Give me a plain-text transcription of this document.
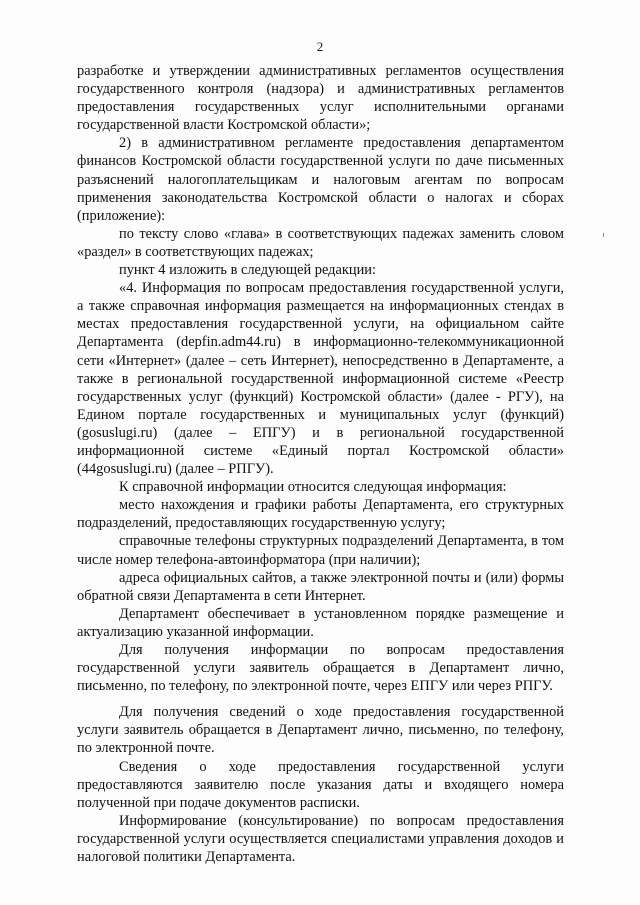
2

разработке и утверждении административных регламентов осуществления государственного контроля (надзора) и административных регламентов предоставления государственных услуг исполнительными органами государственной власти Костромской области»;

2) в административном регламенте предоставления департаментом финансов Костромской области государственной услуги по даче письменных разъяснений налогоплательщикам и налоговым агентам по вопросам применения законодательства Костромской области о налогах и сборах (приложение):

по тексту слово «глава» в соответствующих падежах заменить словом «раздел» в соответствующих падежах;

пункт 4 изложить в следующей редакции:

«4. Информация по вопросам предоставления государственной услуги, а также справочная информация размещается на информационных стендах в местах предоставления государственной услуги, на официальном сайте Департамента (depfin.adm44.ru) в информационно-телекоммуникационной сети «Интернет» (далее – сеть Интернет), непосредственно в Департаменте, а также в региональной государственной информационной системе «Реестр государственных услуг (функций) Костромской области» (далее - РГУ), на Едином портале государственных и муниципальных услуг (функций) (gosuslugi.ru) (далее – ЕПГУ) и в региональной государственной информационной системе «Единый портал Костромской области» (44gosuslugi.ru) (далее – РПГУ).

К справочной информации относится следующая информация:

место нахождения и графики работы Департамента, его структурных подразделений, предоставляющих государственную услугу;

справочные телефоны структурных подразделений Департамента, в том числе номер телефона-автоинформатора (при наличии);

адреса официальных сайтов, а также электронной почты и (или) формы обратной связи Департамента в сети Интернет.

Департамент обеспечивает в установленном порядке размещение и актуализацию указанной информации.

Для получения информации по вопросам предоставления государственной услуги заявитель обращается в Департамент лично, письменно, по телефону, по электронной почте, через ЕПГУ или через РПГУ.

Для получения сведений о ходе предоставления государственной услуги заявитель обращается в Департамент лично, письменно, по телефону, по электронной почте.

Сведения о ходе предоставления государственной услуги предоставляются заявителю после указания даты и входящего номера полученной при подаче документов расписки.

Информирование (консультирование) по вопросам предоставления государственной услуги осуществляется специалистами управления доходов и налоговой политики Департамента.
